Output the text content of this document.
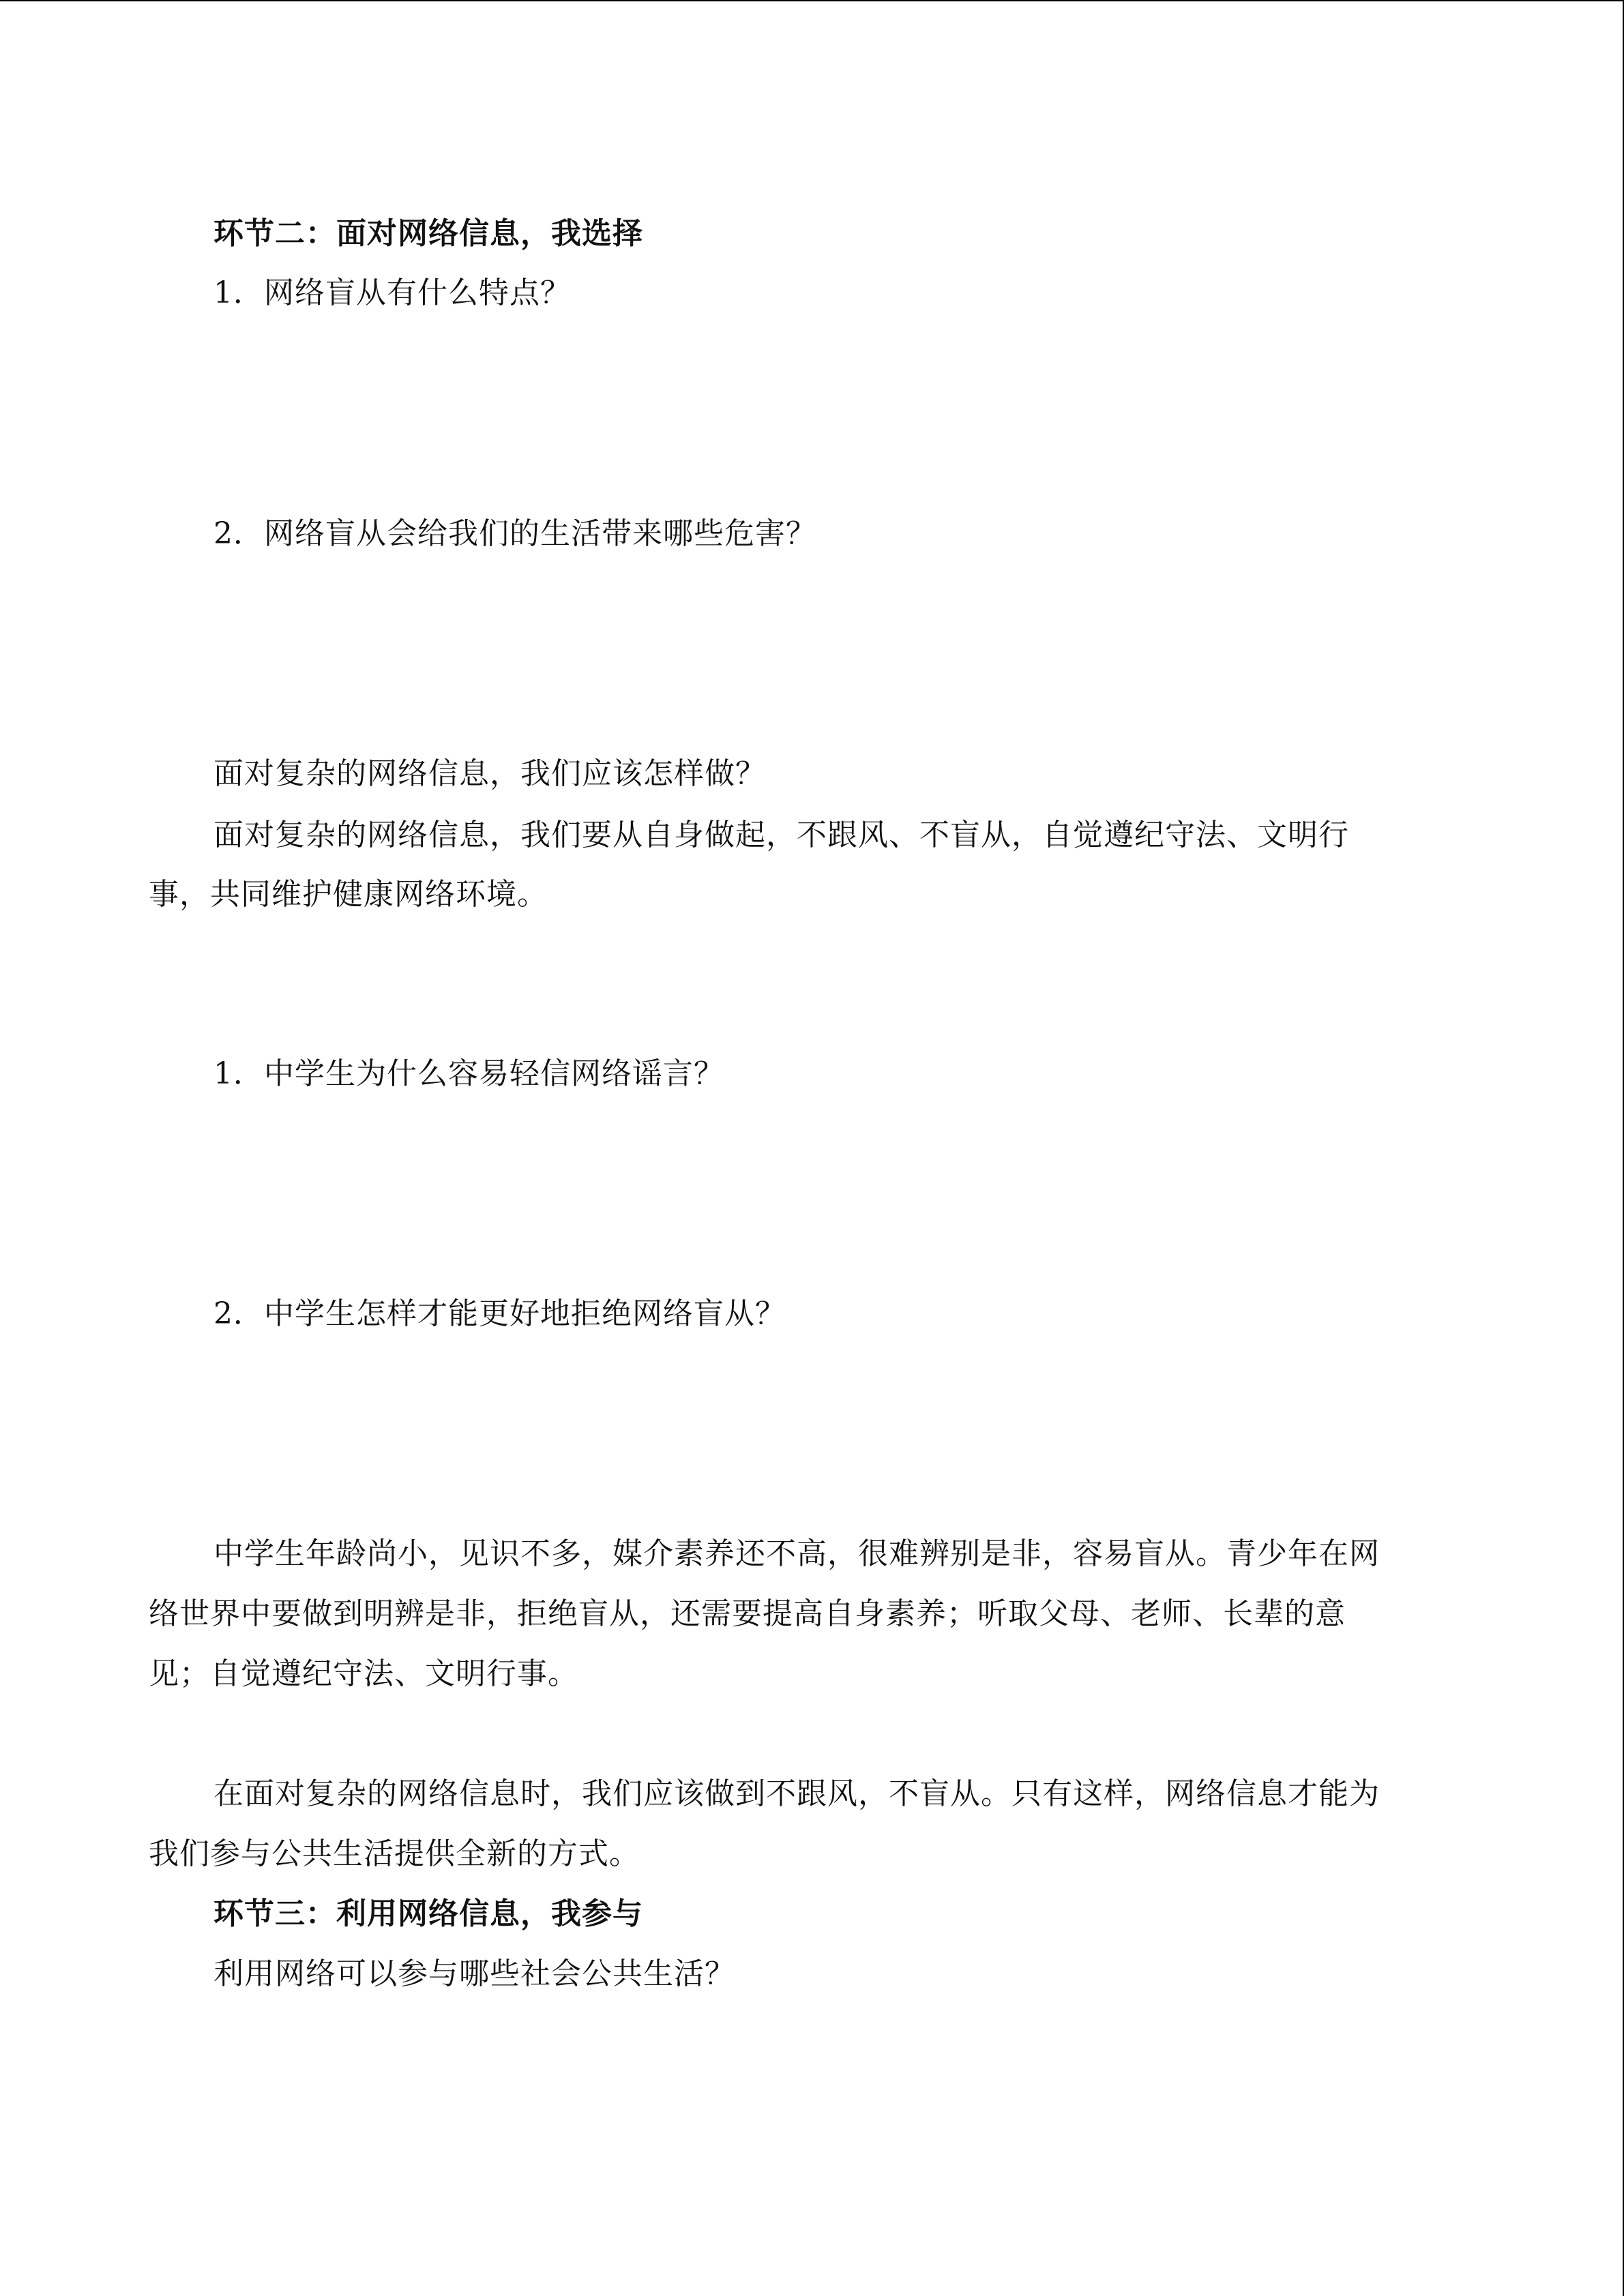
环节二：面对网络信息，我选择
1．网络盲从有什么特点？
2．网络盲从会给我们的生活带来哪些危害？
面对复杂的网络信息，我们应该怎样做？
面对复杂的网络信息，我们要从自身做起，不跟风、不盲从，自觉遵纪守法、文明行
事，共同维护健康网络环境。
1．中学生为什么容易轻信网络谣言？
2．中学生怎样才能更好地拒绝网络盲从？
中学生年龄尚小，见识不多，媒介素养还不高，很难辨别是非，容易盲从。青少年在网
络世界中要做到明辨是非，拒绝盲从，还需要提高自身素养；听取父母、老师、长辈的意
见；自觉遵纪守法、文明行事。
在面对复杂的网络信息时，我们应该做到不跟风，不盲从。只有这样，网络信息才能为
我们参与公共生活提供全新的方式。
环节三：利用网络信息，我参与
利用网络可以参与哪些社会公共生活？
